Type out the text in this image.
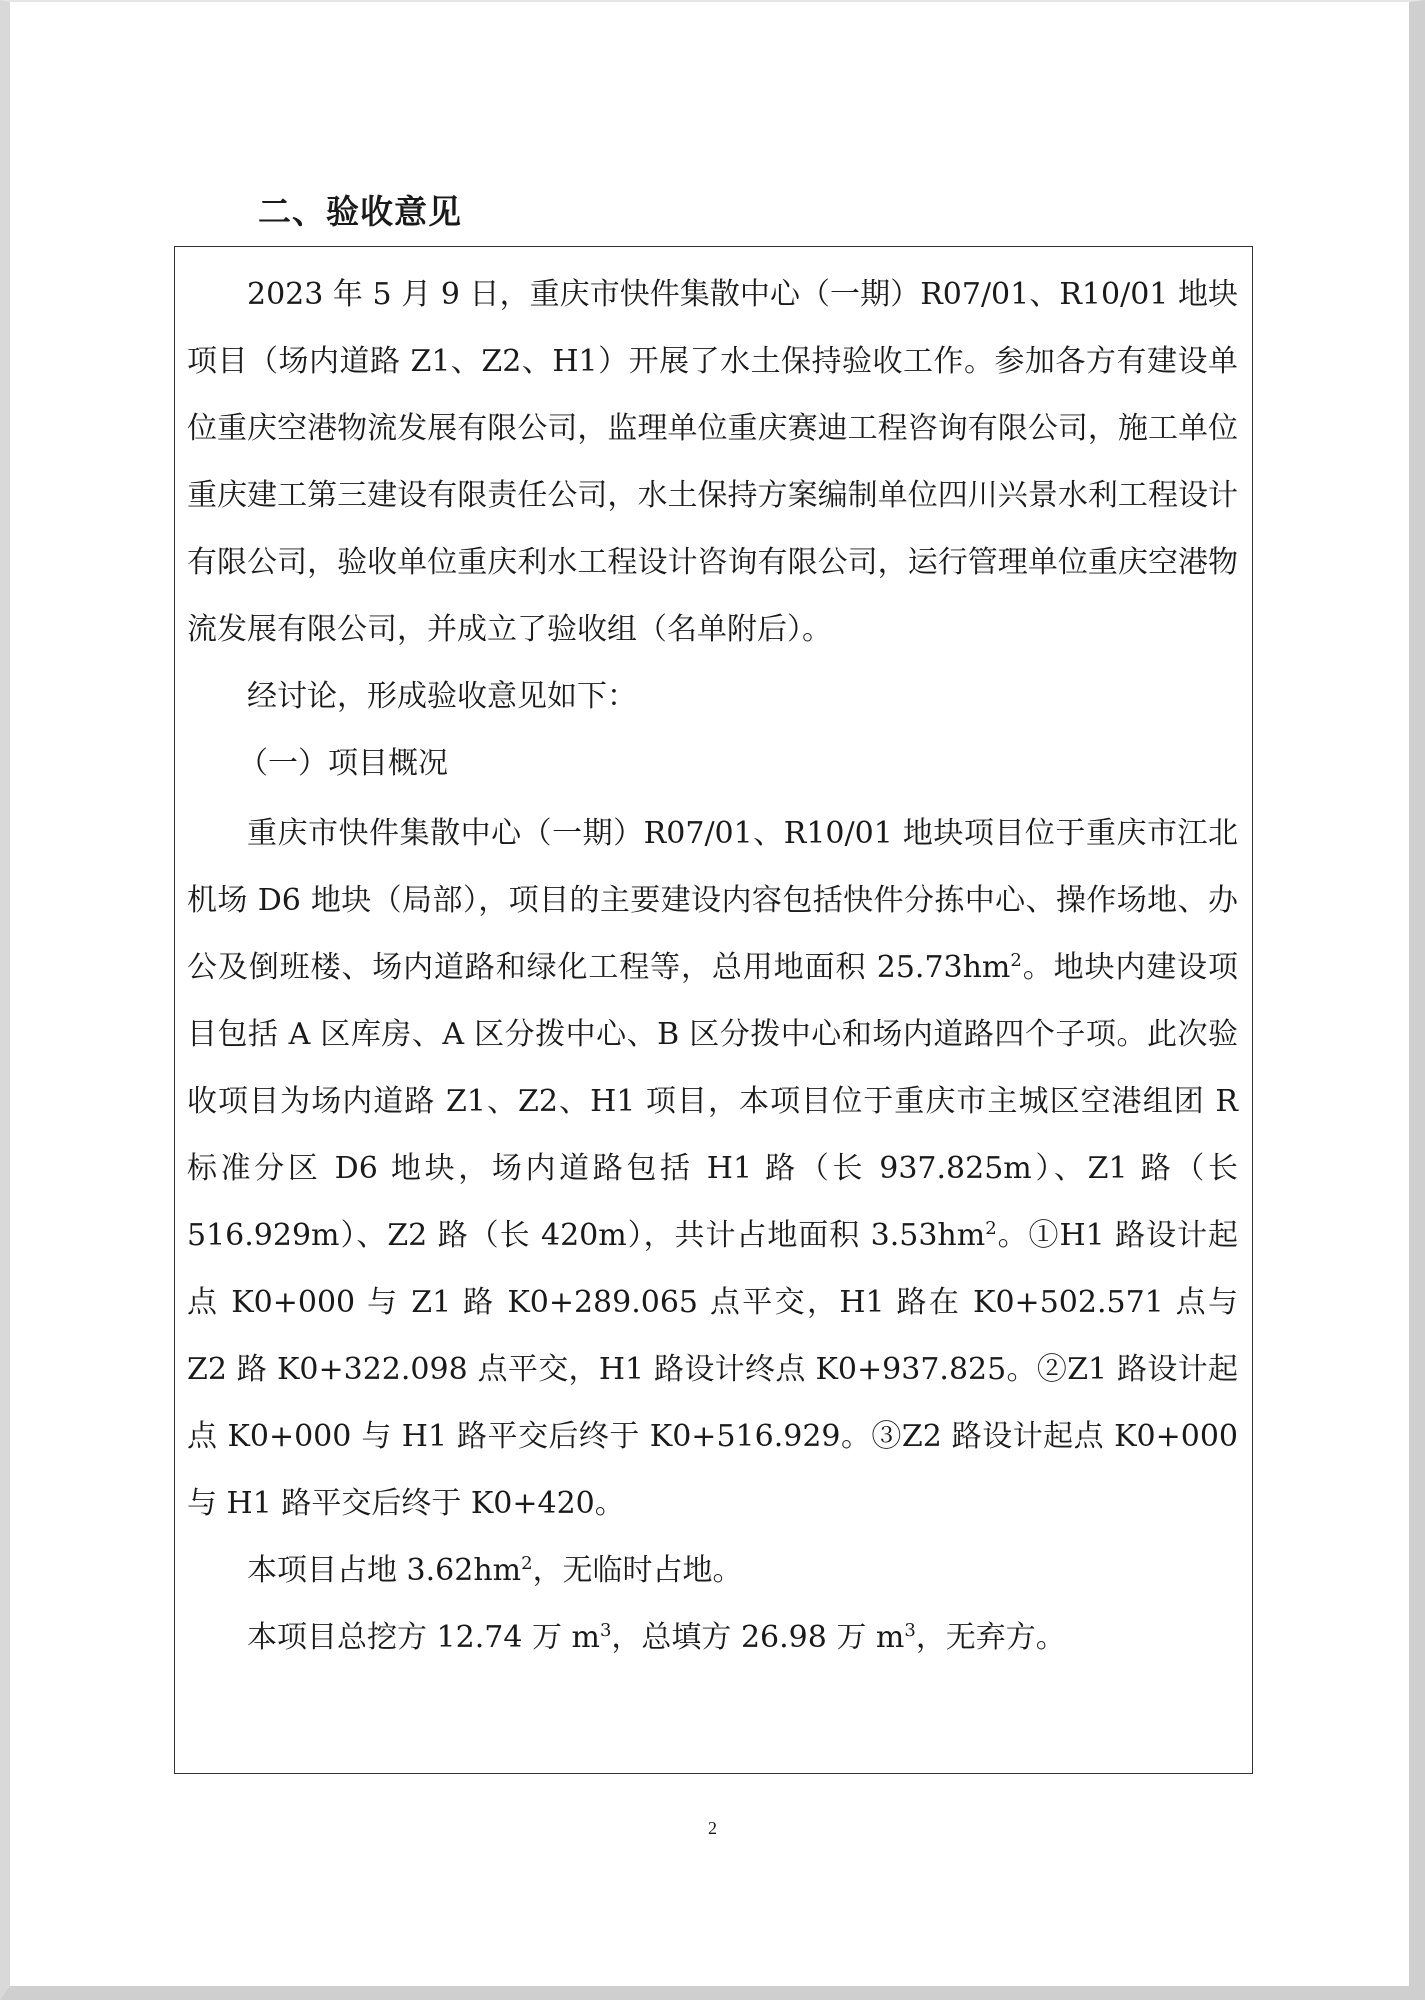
二、验收意见

2023 年 5 月 9 日，重庆市快件集散中心（一期）R07/01、R10/01 地块项目（场内道路 Z1、Z2、H1）开展了水土保持验收工作。参加各方有建设单位重庆空港物流发展有限公司，监理单位重庆赛迪工程咨询有限公司，施工单位重庆建工第三建设有限责任公司，水土保持方案编制单位四川兴景水利工程设计有限公司，验收单位重庆利水工程设计咨询有限公司，运行管理单位重庆空港物流发展有限公司，并成立了验收组（名单附后）。

经讨论，形成验收意见如下：

（一）项目概况

重庆市快件集散中心（一期）R07/01、R10/01 地块项目位于重庆市江北机场 D6 地块（局部），项目的主要建设内容包括快件分拣中心、操作场地、办公及倒班楼、场内道路和绿化工程等，总用地面积 $25.73hm^2$。地块内建设项目包括 A 区库房、A 区分拨中心、B 区分拨中心和场内道路四个子项。此次验收项目为场内道路 Z1、Z2、H1 项目，本项目位于重庆市主城区空港组团 R 标准分区 D6 地块，场内道路包括 H1 路（长 937.825m）、Z1 路（长 516.929m）、Z2 路（长 420m），共计占地面积 $3.53hm^2$。①H1 路设计起点 K0+000 与 Z1 路 K0+289.065 点平交，H1 路在 K0+502.571 点与 Z2 路 K0+322.098 点平交，H1 路设计终点 K0+937.825。②Z1 路设计起点 K0+000 与 H1 路平交后终于 K0+516.929。③Z2 路设计起点 K0+000 与 H1 路平交后终于 K0+420。

本项目占地 $3.62hm^2$，无临时占地。

本项目总挖方 12.74 万 $m^3$，总填方 26.98 万 $m^3$，无弃方。

2
